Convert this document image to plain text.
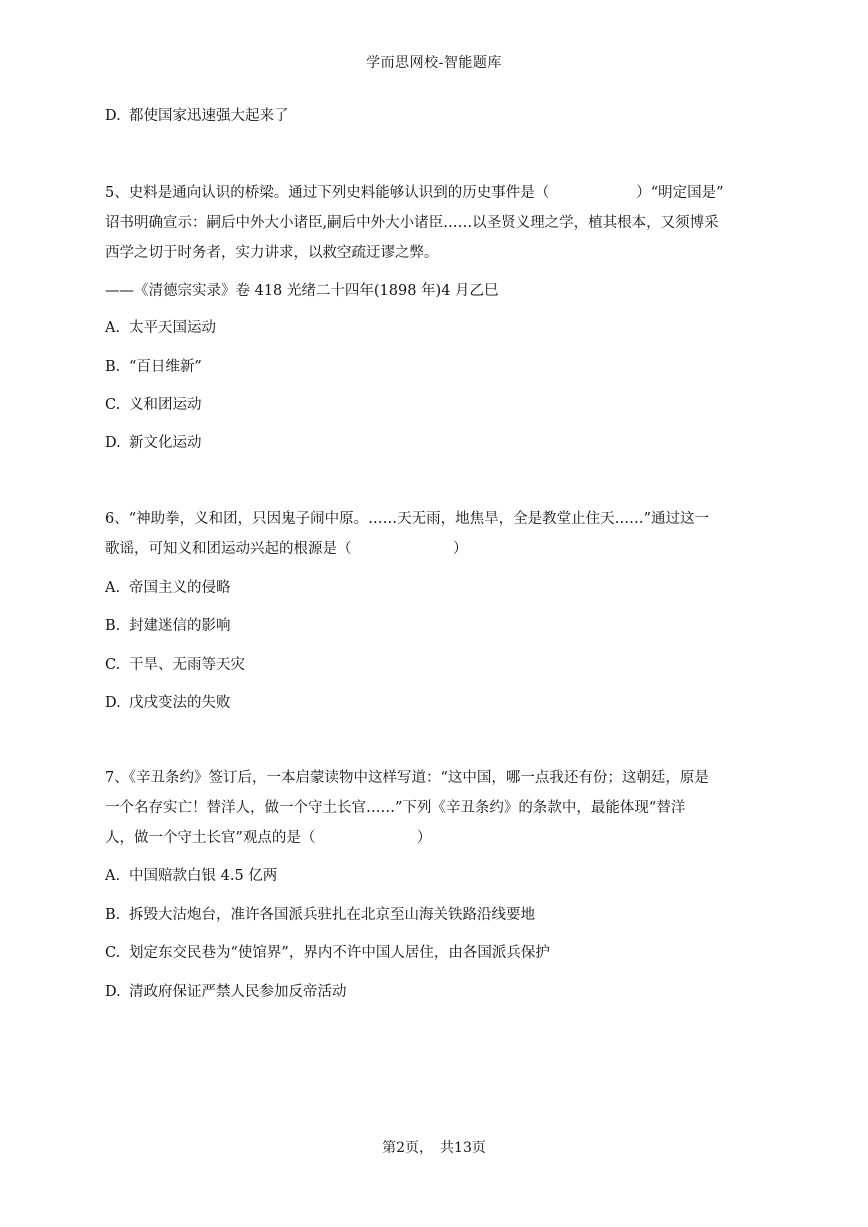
学而思网校-智能题库
D. 都使国家迅速强大起来了
5、史料是通向认识的桥梁。通过下列史料能够认识到的历史事件是（　　　　　　）“明定国是”
诏书明确宣示：嗣后中外大小诸臣,嗣后中外大小诸臣……以圣贤义理之学，植其根本，又须博采
西学之切于时务者，实力讲求，以救空疏迂谬之弊。
——《清德宗实录》卷 418 光绪二十四年(1898 年)4 月乙巳
A. 太平天国运动
B. “百日维新”
C. 义和团运动
D. 新文化运动
6、“神助拳，义和团，只因鬼子闹中原。……天无雨，地焦旱，全是教堂止住天……”通过这一
歌谣，可知义和团运动兴起的根源是（　　　　　　　）
A. 帝国主义的侵略
B. 封建迷信的影响
C. 干旱、无雨等天灾
D. 戊戌变法的失败
7、《辛丑条约》签订后，一本启蒙读物中这样写道：“这中国，哪一点我还有份；这朝廷，原是
一个名存实亡！替洋人，做一个守土长官……”下列《辛丑条约》的条款中，最能体现“替洋
人，做一个守土长官”观点的是（　　　　　　　）
A. 中国赔款白银 4.5 亿两
B. 拆毁大沽炮台，准许各国派兵驻扎在北京至山海关铁路沿线要地
C. 划定东交民巷为“使馆界”，界内不许中国人居住，由各国派兵保护
D. 清政府保证严禁人民参加反帝活动
第2页，　共13页
